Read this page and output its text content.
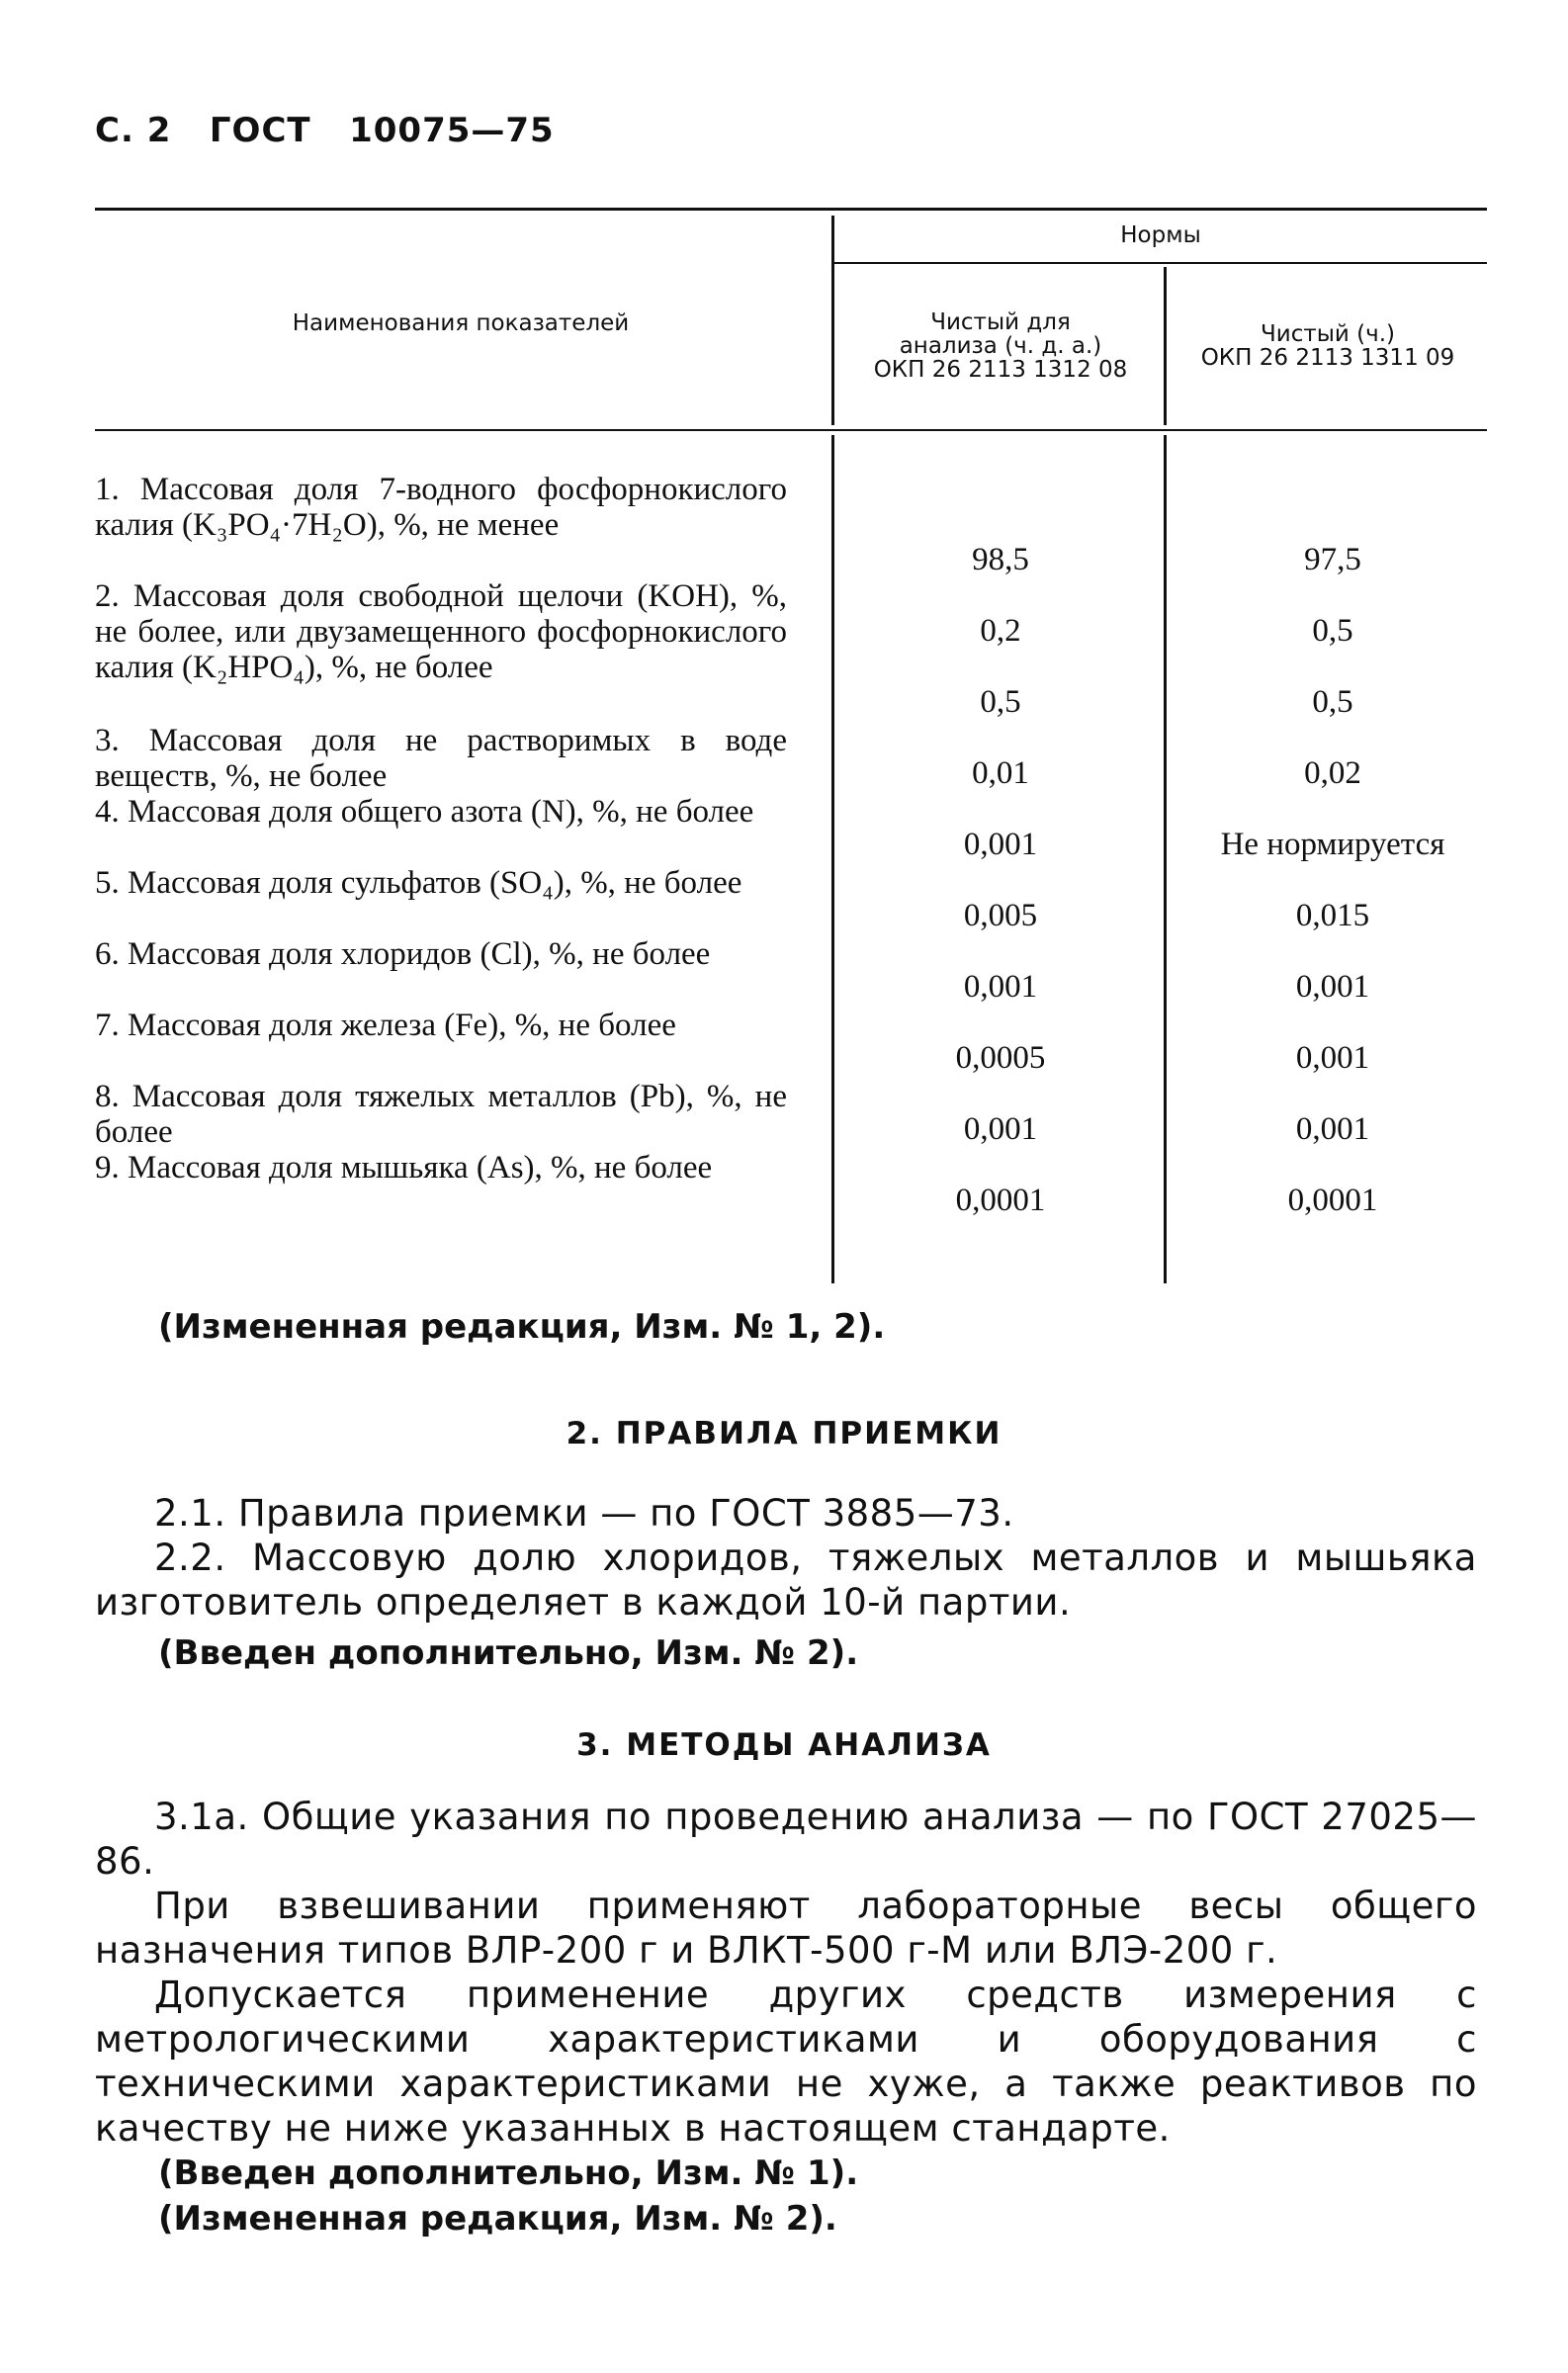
С. 2   ГОСТ   10075—75
Наименования показателей
Нормы
Чистый для
анализа (ч. д. а.)
ОКП 26 2113 1312 08
Чистый (ч.)
ОКП 26 2113 1311 09
1. Массовая доля 7-водного фосфорнокислого калия (K₃PO₄·7H₂O), %, не менее
2. Массовая доля свободной щелочи (KOH), %, не более, или двузамещенного фосфорнокислого калия (K₂HPO₄), %, не более
3. Массовая доля не растворимых в воде веществ, %, не более
4. Массовая доля общего азота (N), %, не более
5. Массовая доля сульфатов (SO₄), %, не более
6. Массовая доля хлоридов (Cl), %, не более
7. Массовая доля железа (Fe), %, не более
8. Массовая доля тяжелых металлов (Pb), %, не более
9. Массовая доля мышьяка (As), %, не более
98,5
0,2
0,5
0,01
0,001
0,005
0,001
0,0005
0,001
0,0001
97,5
0,5
0,5
0,02
Не нормируется
0,015
0,001
0,001
0,001
0,0001
(Измененная редакция, Изм. № 1, 2).
2. ПРАВИЛА ПРИЕМКИ
2.1. Правила приемки — по ГОСТ 3885—73.
2.2. Массовую долю хлоридов, тяжелых металлов и мышьяка изготовитель определяет в каждой 10-й партии.
(Введен дополнительно, Изм. № 2).
3. МЕТОДЫ АНАЛИЗА
3.1а. Общие указания по проведению анализа — по ГОСТ 27025—86.
При взвешивании применяют лабораторные весы общего назначения типов ВЛР-200 г и ВЛКТ-500 г-М или ВЛЭ-200 г.
Допускается применение других средств измерения с метрологическими характеристиками и оборудования с техническими характеристиками не хуже, а также реактивов по качеству не ниже указанных в настоящем стандарте.
(Введен дополнительно, Изм. № 1).
(Измененная редакция, Изм. № 2).
